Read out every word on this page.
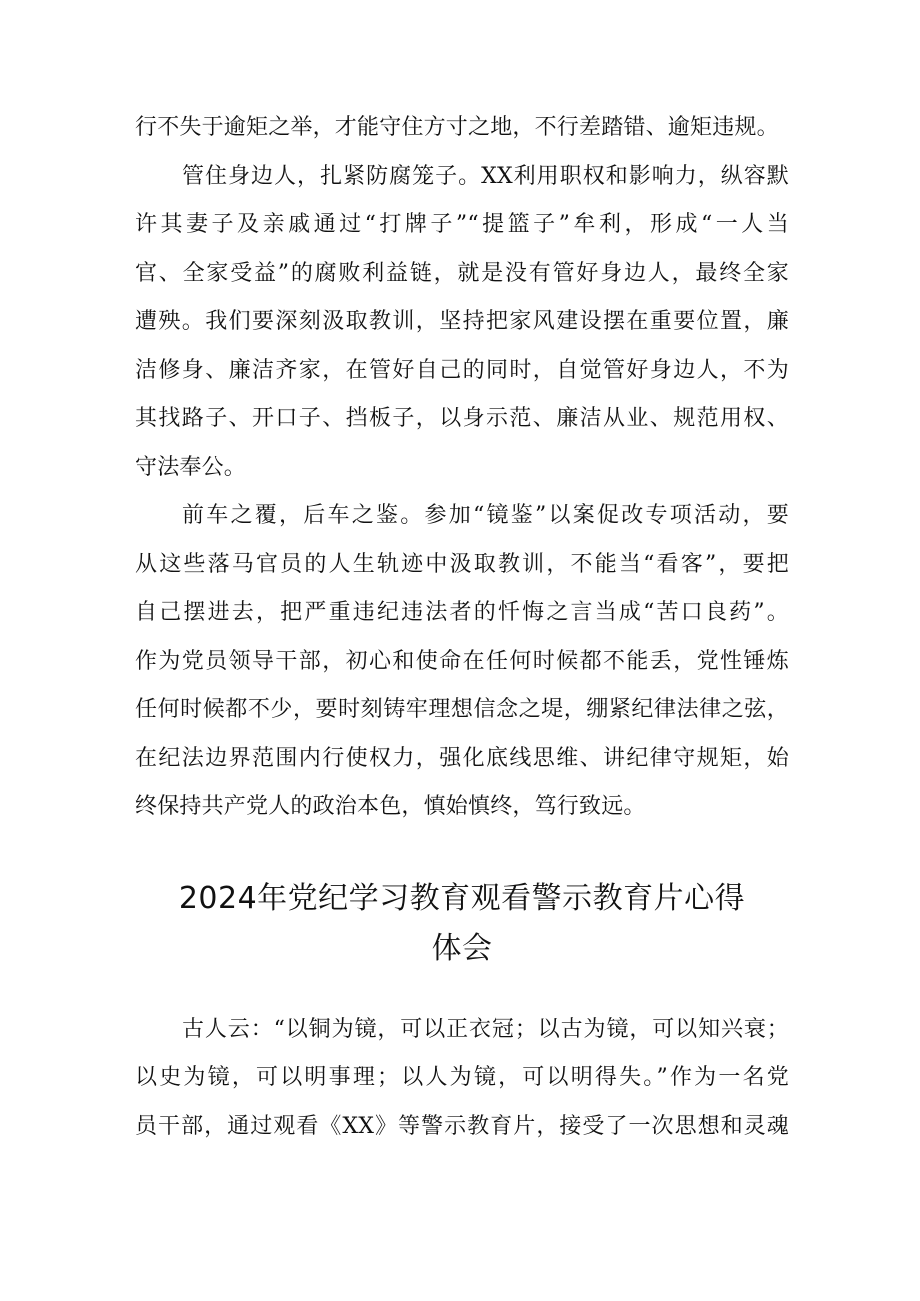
行不失于逾矩之举，才能守住方寸之地，不行差踏错、逾矩违规。
管住身边人，扎紧防腐笼子。XX利用职权和影响力，纵容默
许其妻子及亲戚通过“打牌子”“提篮子”牟利，形成“一人当
官、全家受益”的腐败利益链，就是没有管好身边人，最终全家
遭殃。我们要深刻汲取教训，坚持把家风建设摆在重要位置，廉
洁修身、廉洁齐家，在管好自己的同时，自觉管好身边人，不为
其找路子、开口子、挡板子，以身示范、廉洁从业、规范用权、
守法奉公。
前车之覆，后车之鉴。参加“镜鉴”以案促改专项活动，要
从这些落马官员的人生轨迹中汲取教训，不能当“看客”，要把
自己摆进去，把严重违纪违法者的忏悔之言当成“苦口良药”。
作为党员领导干部，初心和使命在任何时候都不能丢，党性锤炼
任何时候都不少，要时刻铸牢理想信念之堤，绷紧纪律法律之弦，
在纪法边界范围内行使权力，强化底线思维、讲纪律守规矩，始
终保持共产党人的政治本色，慎始慎终，笃行致远。
2024年党纪学习教育观看警示教育片心得
体会
古人云：“以铜为镜，可以正衣冠；以古为镜，可以知兴衰；
以史为镜，可以明事理；以人为镜，可以明得失。”作为一名党
员干部，通过观看《XX》等警示教育片，接受了一次思想和灵魂
